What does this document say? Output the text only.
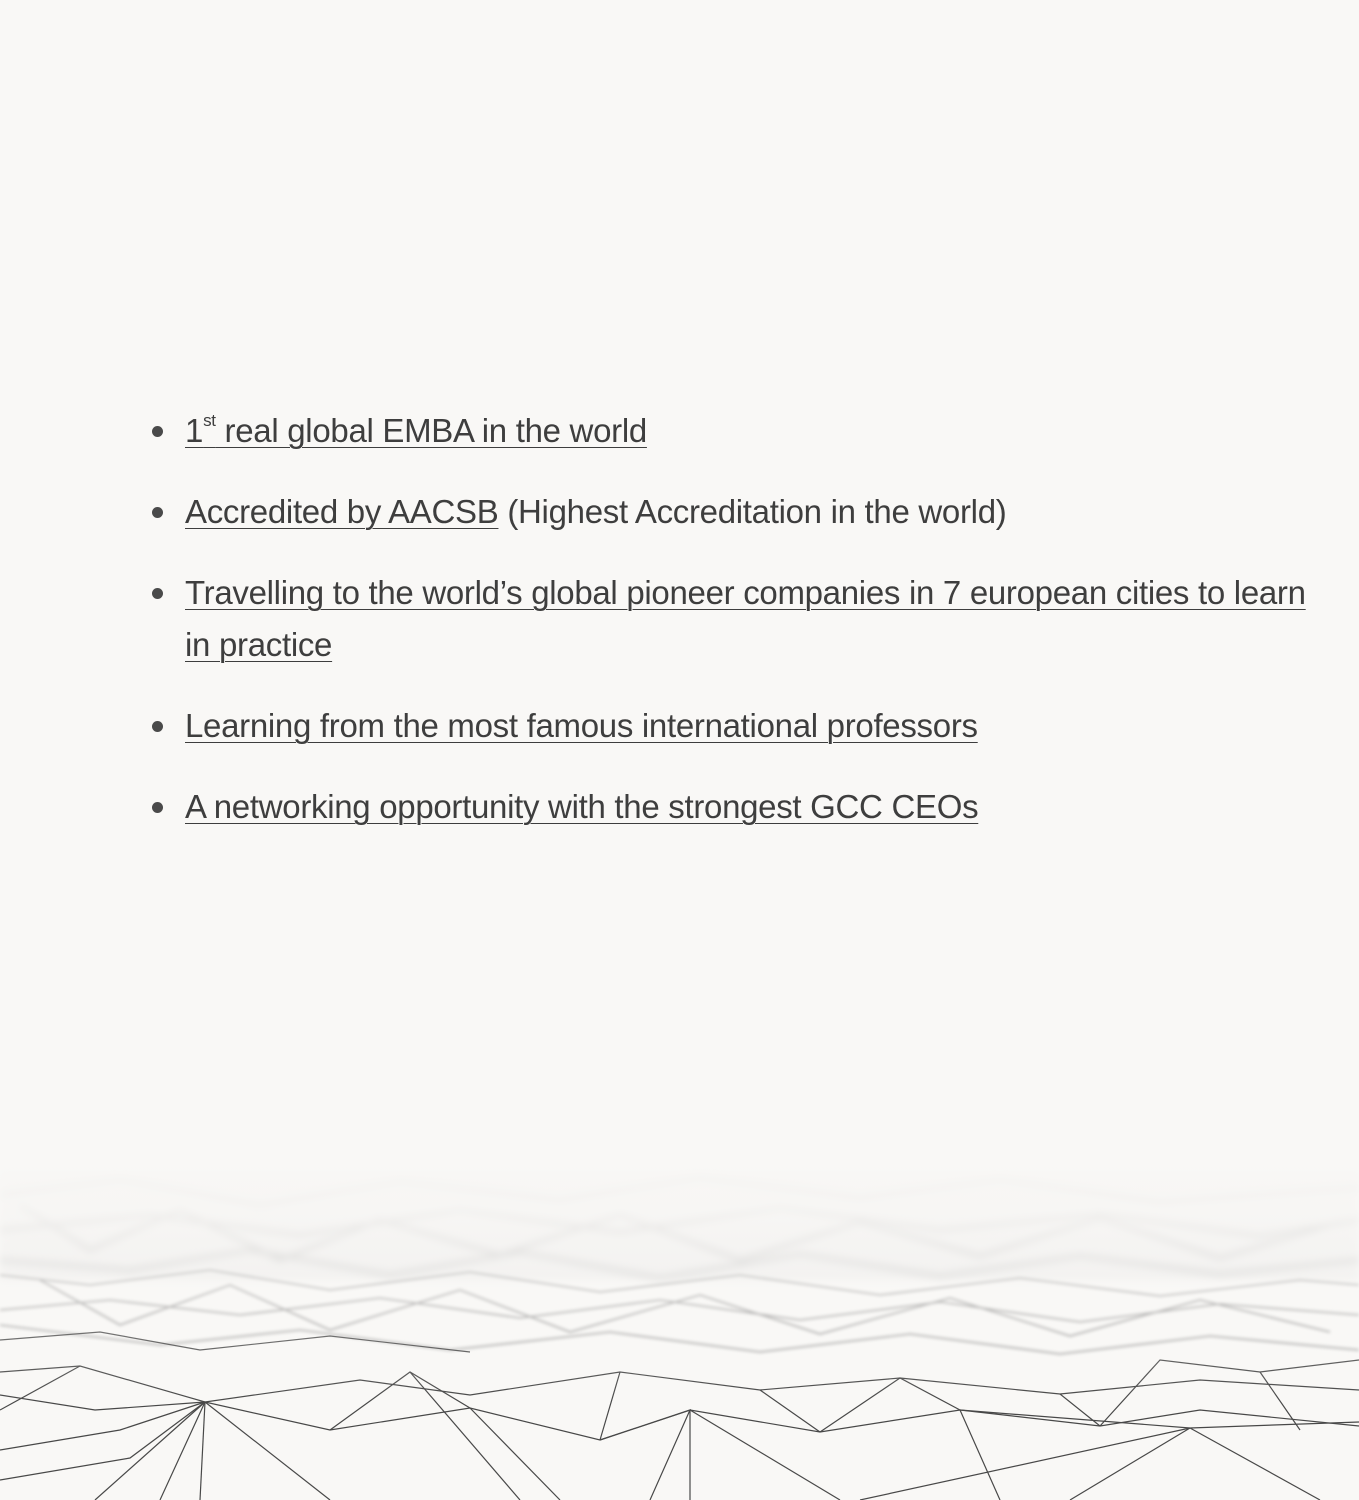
1st real global EMBA in the world
Accredited by AACSB (Highest Accreditation in the world)
Travelling to the world’s global pioneer companies in 7 european cities to learn in practice
Learning from the most famous international professors
A networking opportunity with the strongest GCC CEOs
